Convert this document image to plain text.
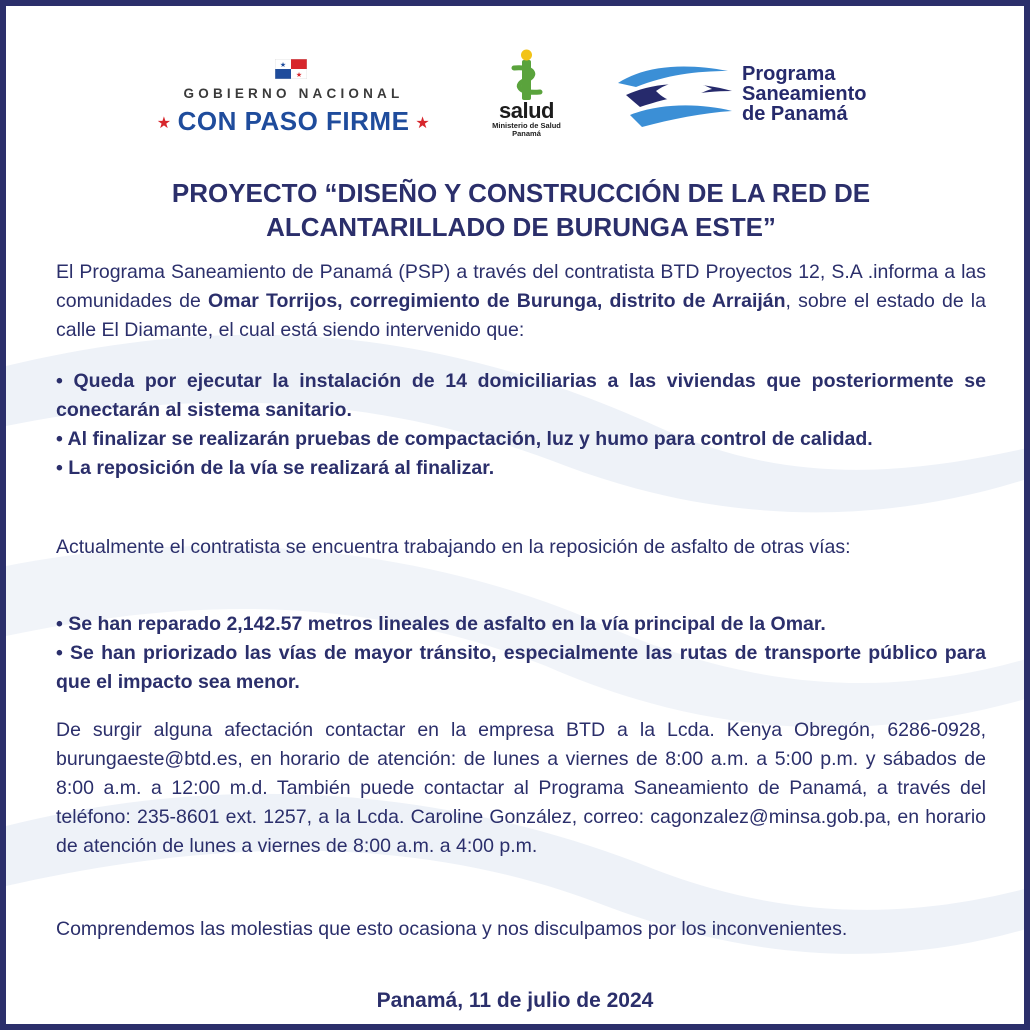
★
★
GOBIERNO NACIONAL
★ CON PASO FIRME ★
salud
Ministerio de Salud
Panamá
Programa
Saneamiento
de Panamá
PROYECTO “DISEÑO Y CONSTRUCCIÓN DE LA RED DE
ALCANTARILLADO DE BURUNGA ESTE”
El Programa Saneamiento de Panamá (PSP) a través del contratista BTD Proyectos 12, S.A .informa a las comunidades de Omar Torrijos, corregimiento de Burunga, distrito de Arraiján, sobre el estado de la calle El Diamante, el cual está siendo intervenido que:
• Queda por ejecutar la instalación de 14 domiciliarias a las viviendas que posteriormente se conectarán al sistema sanitario.
• Al finalizar se realizarán pruebas de compactación, luz y humo para control de calidad.
• La reposición de la vía se realizará al finalizar.
Actualmente el contratista se encuentra trabajando en la reposición de asfalto de otras vías:
• Se han reparado 2,142.57 metros lineales de asfalto en la vía principal de la Omar.
• Se han priorizado las vías de mayor tránsito, especialmente las rutas de transporte público para que el impacto sea menor.
De surgir alguna afectación contactar en la empresa BTD a la Lcda. Kenya Obregón, 6286-0928, burungaeste@btd.es, en horario de atención: de lunes a viernes de 8:00 a.m. a 5:00 p.m. y sábados de 8:00 a.m. a 12:00 m.d. También puede contactar al Programa Saneamiento de Panamá, a través del teléfono: 235-8601 ext. 1257, a la Lcda. Caroline González, correo: cagonzalez@minsa.gob.pa, en horario de atención de lunes a viernes de 8:00 a.m. a 4:00 p.m.
Comprendemos las molestias que esto ocasiona y nos disculpamos por los inconvenientes.
Panamá, 11 de julio de 2024
